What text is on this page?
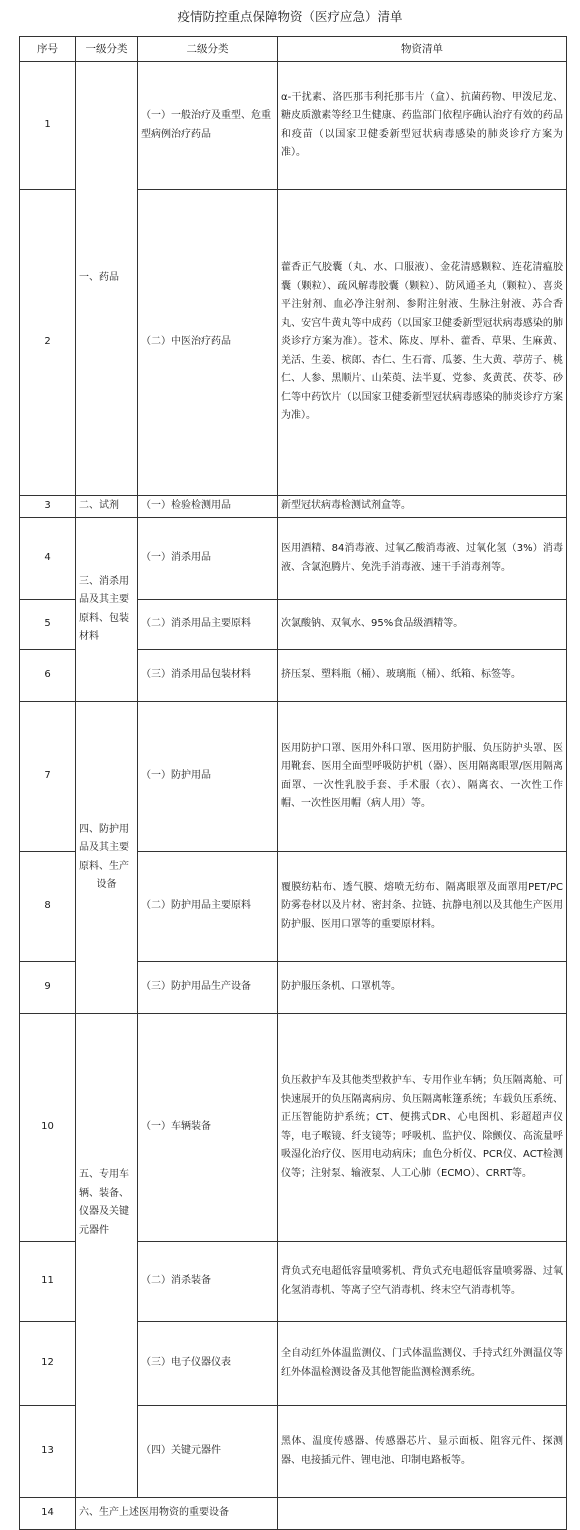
疫情防控重点保障物资（医疗应急）清单
序号	一级分类	二级分类	物资清单
1	一、药品	（一）一般治疗及重型、危重型病例治疗药品	α-干扰素、洛匹那韦利托那韦片（盒）、抗菌药物、甲泼尼龙、糖皮质激素等经卫生健康、药监部门依程序确认治疗有效的药品和疫苗（以国家卫健委新型冠状病毒感染的肺炎诊疗方案为准）。
2		（二）中医治疗药品	藿香正气胶囊（丸、水、口服液）、金花清感颗粒、连花清瘟胶囊（颗粒）、疏风解毒胶囊（颗粒）、防风通圣丸（颗粒）、喜炎平注射剂、血必净注射剂、参附注射液、生脉注射液、苏合香丸、安宫牛黄丸等中成药（以国家卫健委新型冠状病毒感染的肺炎诊疗方案为准）。苍术、陈皮、厚朴、藿香、草果、生麻黄、羌活、生姜、槟郎、杏仁、生石膏、瓜蒌、生大黄、葶苈子、桃仁、人参、黑顺片、山茱萸、法半夏、党参、炙黄芪、茯苓、砂仁等中药饮片（以国家卫健委新型冠状病毒感染的肺炎诊疗方案为准）。
3	二、试剂	（一）检验检测用品	新型冠状病毒检测试剂盒等。
4	三、消杀用
品及其主要
原料、包装
材料	（一）消杀用品	医用酒精、84消毒液、过氧乙酸消毒液、过氧化氢（3%）消毒液、含氯泡腾片、免洗手消毒液、速干手消毒剂等。
5		（二）消杀用品主要原料	次氯酸钠、双氧水、95%食品级酒精等。
6		（三）消杀用品包装材料	挤压泵、塑料瓶（桶）、玻璃瓶（桶）、纸箱、标签等。
7	四、防护用
品及其主要
原料、生产
设备	（一）防护用品	医用防护口罩、医用外科口罩、医用防护服、负压防护头罩、医用靴套、医用全面型呼吸防护机（器）、医用隔离眼罩/医用隔离面罩、一次性乳胶手套、手术服（衣）、隔离衣、一次性工作帽、一次性医用帽（病人用）等。
8		（二）防护用品主要原料	覆膜纺粘布、透气膜、熔喷无纺布、隔离眼罩及面罩用PET/PC防雾卷材以及片材、密封条、拉链、抗静电剂以及其他生产医用防护服、医用口罩等的重要原材料。
9		（三）防护用品生产设备	防护服压条机、口罩机等。
10	五、专用车
辆、装备、
仪器及关键
元器件	（一）车辆装备	负压救护车及其他类型救护车、专用作业车辆；负压隔离舱、可快速展开的负压隔离病房、负压隔离帐篷系统；车载负压系统、正压智能防护系统；CT、便携式DR、心电图机、彩超超声仪等，电子喉镜、纤支镜等；呼吸机、监护仪、除颤仪、高流量呼吸湿化治疗仪、医用电动病床；血色分析仪、PCR仪、ACT检测仪等；注射泵、输液泵、人工心肺（ECMO）、CRRT等。
11		（二）消杀装备	背负式充电超低容量喷雾机、背负式充电超低容量喷雾器、过氧化氢消毒机、等离子空气消毒机、终末空气消毒机等。
12		（三）电子仪器仪表	全自动红外体温监测仪、门式体温监测仪、手持式红外测温仪等红外体温检测设备及其他智能监测检测系统。
13		（四）关键元器件	黑体、温度传感器、传感器芯片、显示面板、阻容元件、探测器、电接插元件、锂电池、印制电路板等。
14	六、生产上述医用物资的重要设备		
